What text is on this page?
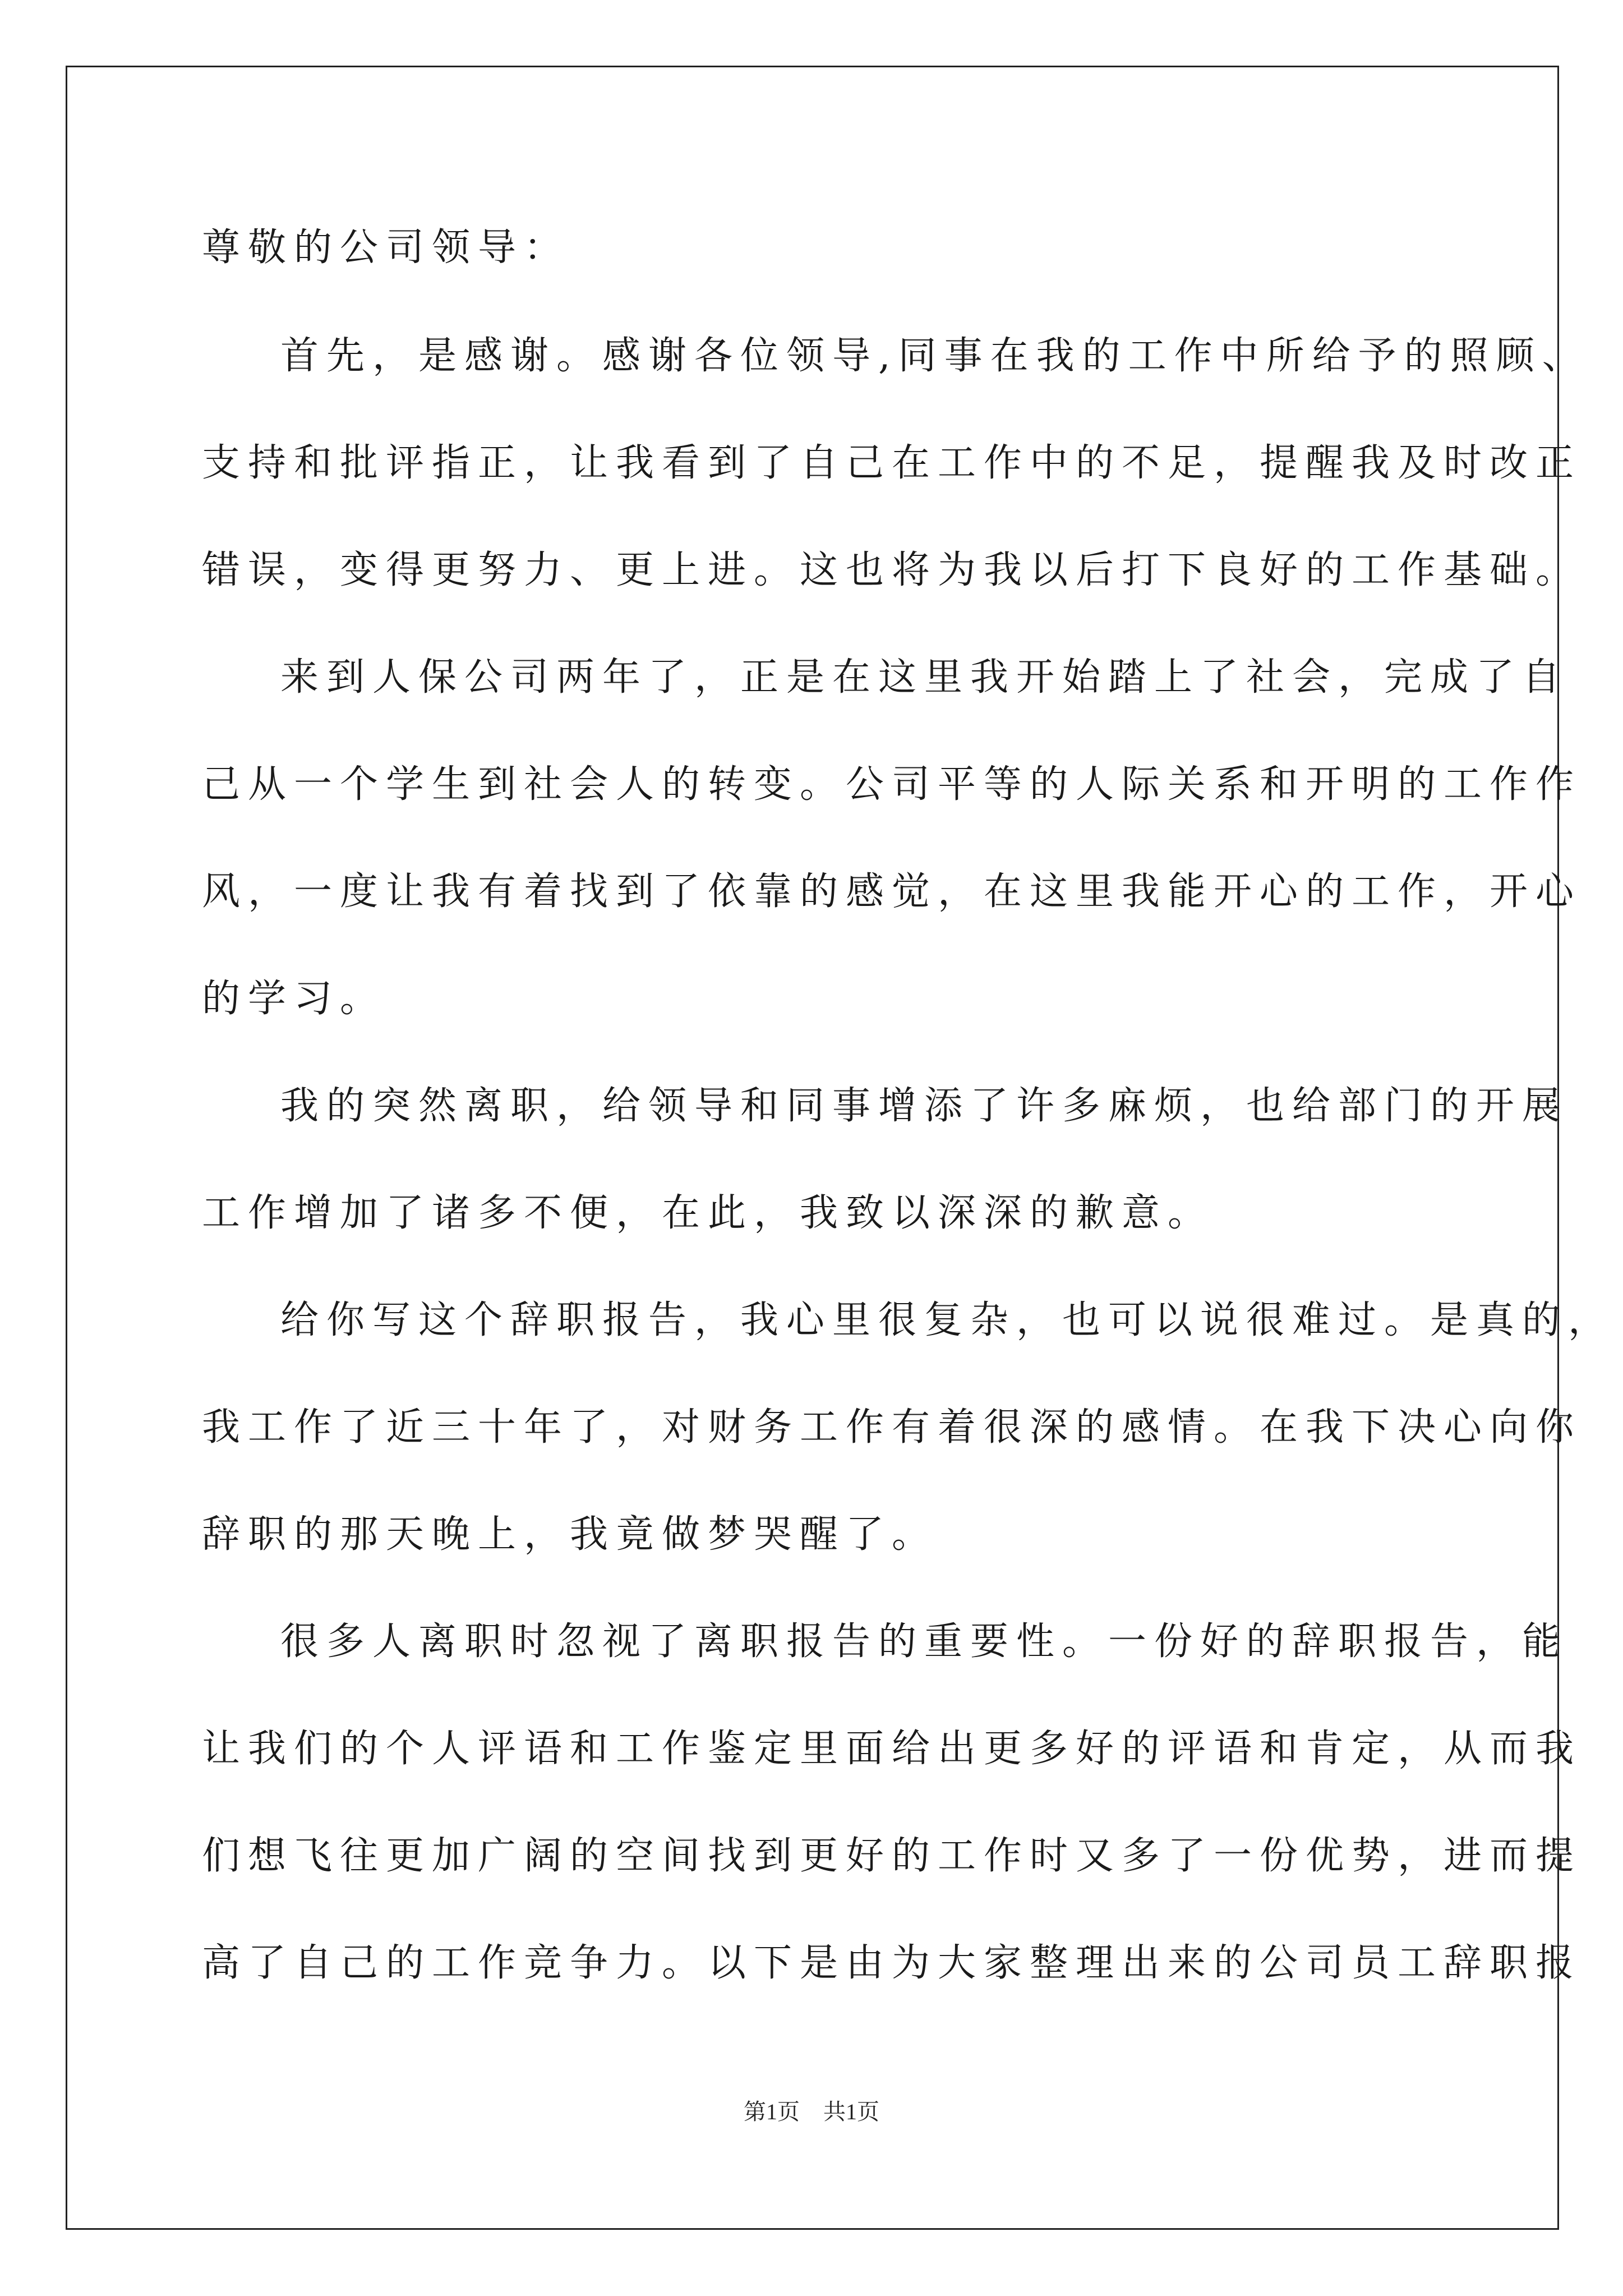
尊敬的公司领导：
首先，是感谢。感谢各位领导,同事在我的工作中所给予的照顾、
支持和批评指正，让我看到了自己在工作中的不足，提醒我及时改正
错误，变得更努力、更上进。这也将为我以后打下良好的工作基础。
来到人保公司两年了，正是在这里我开始踏上了社会，完成了自
己从一个学生到社会人的转变。公司平等的人际关系和开明的工作作
风，一度让我有着找到了依靠的感觉，在这里我能开心的工作，开心
的学习。
我的突然离职，给领导和同事增添了许多麻烦，也给部门的开展
工作增加了诸多不便，在此，我致以深深的歉意。
给你写这个辞职报告，我心里很复杂，也可以说很难过。是真的，
我工作了近三十年了，对财务工作有着很深的感情。在我下决心向你
辞职的那天晚上，我竟做梦哭醒了。
很多人离职时忽视了离职报告的重要性。一份好的辞职报告，能
让我们的个人评语和工作鉴定里面给出更多好的评语和肯定，从而我
们想飞往更加广阔的空间找到更好的工作时又多了一份优势，进而提
高了自己的工作竞争力。以下是由为大家整理出来的公司员工辞职报
第1页 共1页
